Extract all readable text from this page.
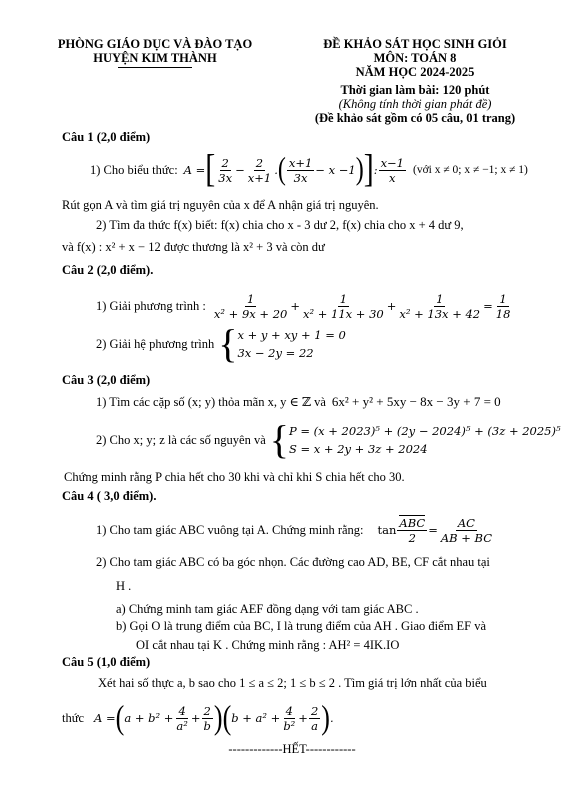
PHÒNG GIÁO DỤC VÀ ĐÀO TẠO
HUYỆN KIM THÀNH
ĐỀ KHẢO SÁT HỌC SINH GIỎI
MÔN: TOÁN 8
NĂM HỌC 2024-2025
Thời gian làm bài: 120 phút
(Không tính thời gian phát đề)
(Đề khảo sát gồm có 05 câu, 01 trang)
Câu 1 (2,0 điểm)
1) Cho biểu thức: A = [ $\frac{2}{3x} - \frac{2}{x+1}$ . ( $\frac{x+1}{3x} - x -1$ ) ] : $\frac{x-1}{x}$ (với x ≠ 0; x ≠ −1; x ≠ 1)
Rút gọn A và tìm giá trị nguyên của x để A nhận giá trị nguyên.
2) Tìm đa thức f(x) biết: f(x) chia cho x - 3 dư 2, f(x) chia cho x + 4 dư 9,
và f(x) : x² + x − 12 được thương là x² + 3 và còn dư
Câu 2 (2,0 điểm).
1) Giải phương trình : $\frac{1}{\text{x² + 9x + 20}} + \frac{1}{\text{x² + 11x + 30}} + \frac{1}{\text{x² + 13x + 42}} = \frac{1}{18}$
2) Giải hệ phương trình { x + y + xy + 1 = 0
3x − 2y = 22
Câu 3 (2,0 điểm)
1) Tìm các cặp số (x; y) thỏa mãn x, y ∈ ℤ và 6x² + y² + 5xy − 8x − 3y + 7 = 0
2) Cho x; y; z là các số nguyên và { P = (x + 2023)⁵ + (2y − 2024)⁵ + (3z + 2025)⁵
S = x + 2y + 3z + 2024
Chứng minh rằng P chia hết cho 30 khi và chỉ khi S chia hết cho 30.
Câu 4 ( 3,0 điểm).
1) Cho tam giác ABC vuông tại A. Chứng minh rằng: $\tan \frac{\text{ABC}}{2} = \frac{AC}{AB + BC}$
2) Cho tam giác ABC có ba góc nhọn. Các đường cao AD, BE, CF cắt nhau tại
H .
a) Chứng minh tam giác AEF đồng dạng với tam giác ABC .
b) Gọi O là trung điểm của BC, I là trung điểm của AH . Giao điểm EF và
OI cắt nhau tại K . Chứng minh rằng : AH² = 4IK.IO
Câu 5 (1,0 điểm)
Xét hai số thực a, b sao cho 1 ≤ a ≤ 2; 1 ≤ b ≤ 2 . Tìm giá trị lớn nhất của biểu
thức A = ( $a + b^2 + \frac{4}{\text{a²}} + \frac{2}{b}$ ) ( $b + a^2 + \frac{4}{\text{b²}} + \frac{2}{a}$ ) .
-------------HẾT------------
